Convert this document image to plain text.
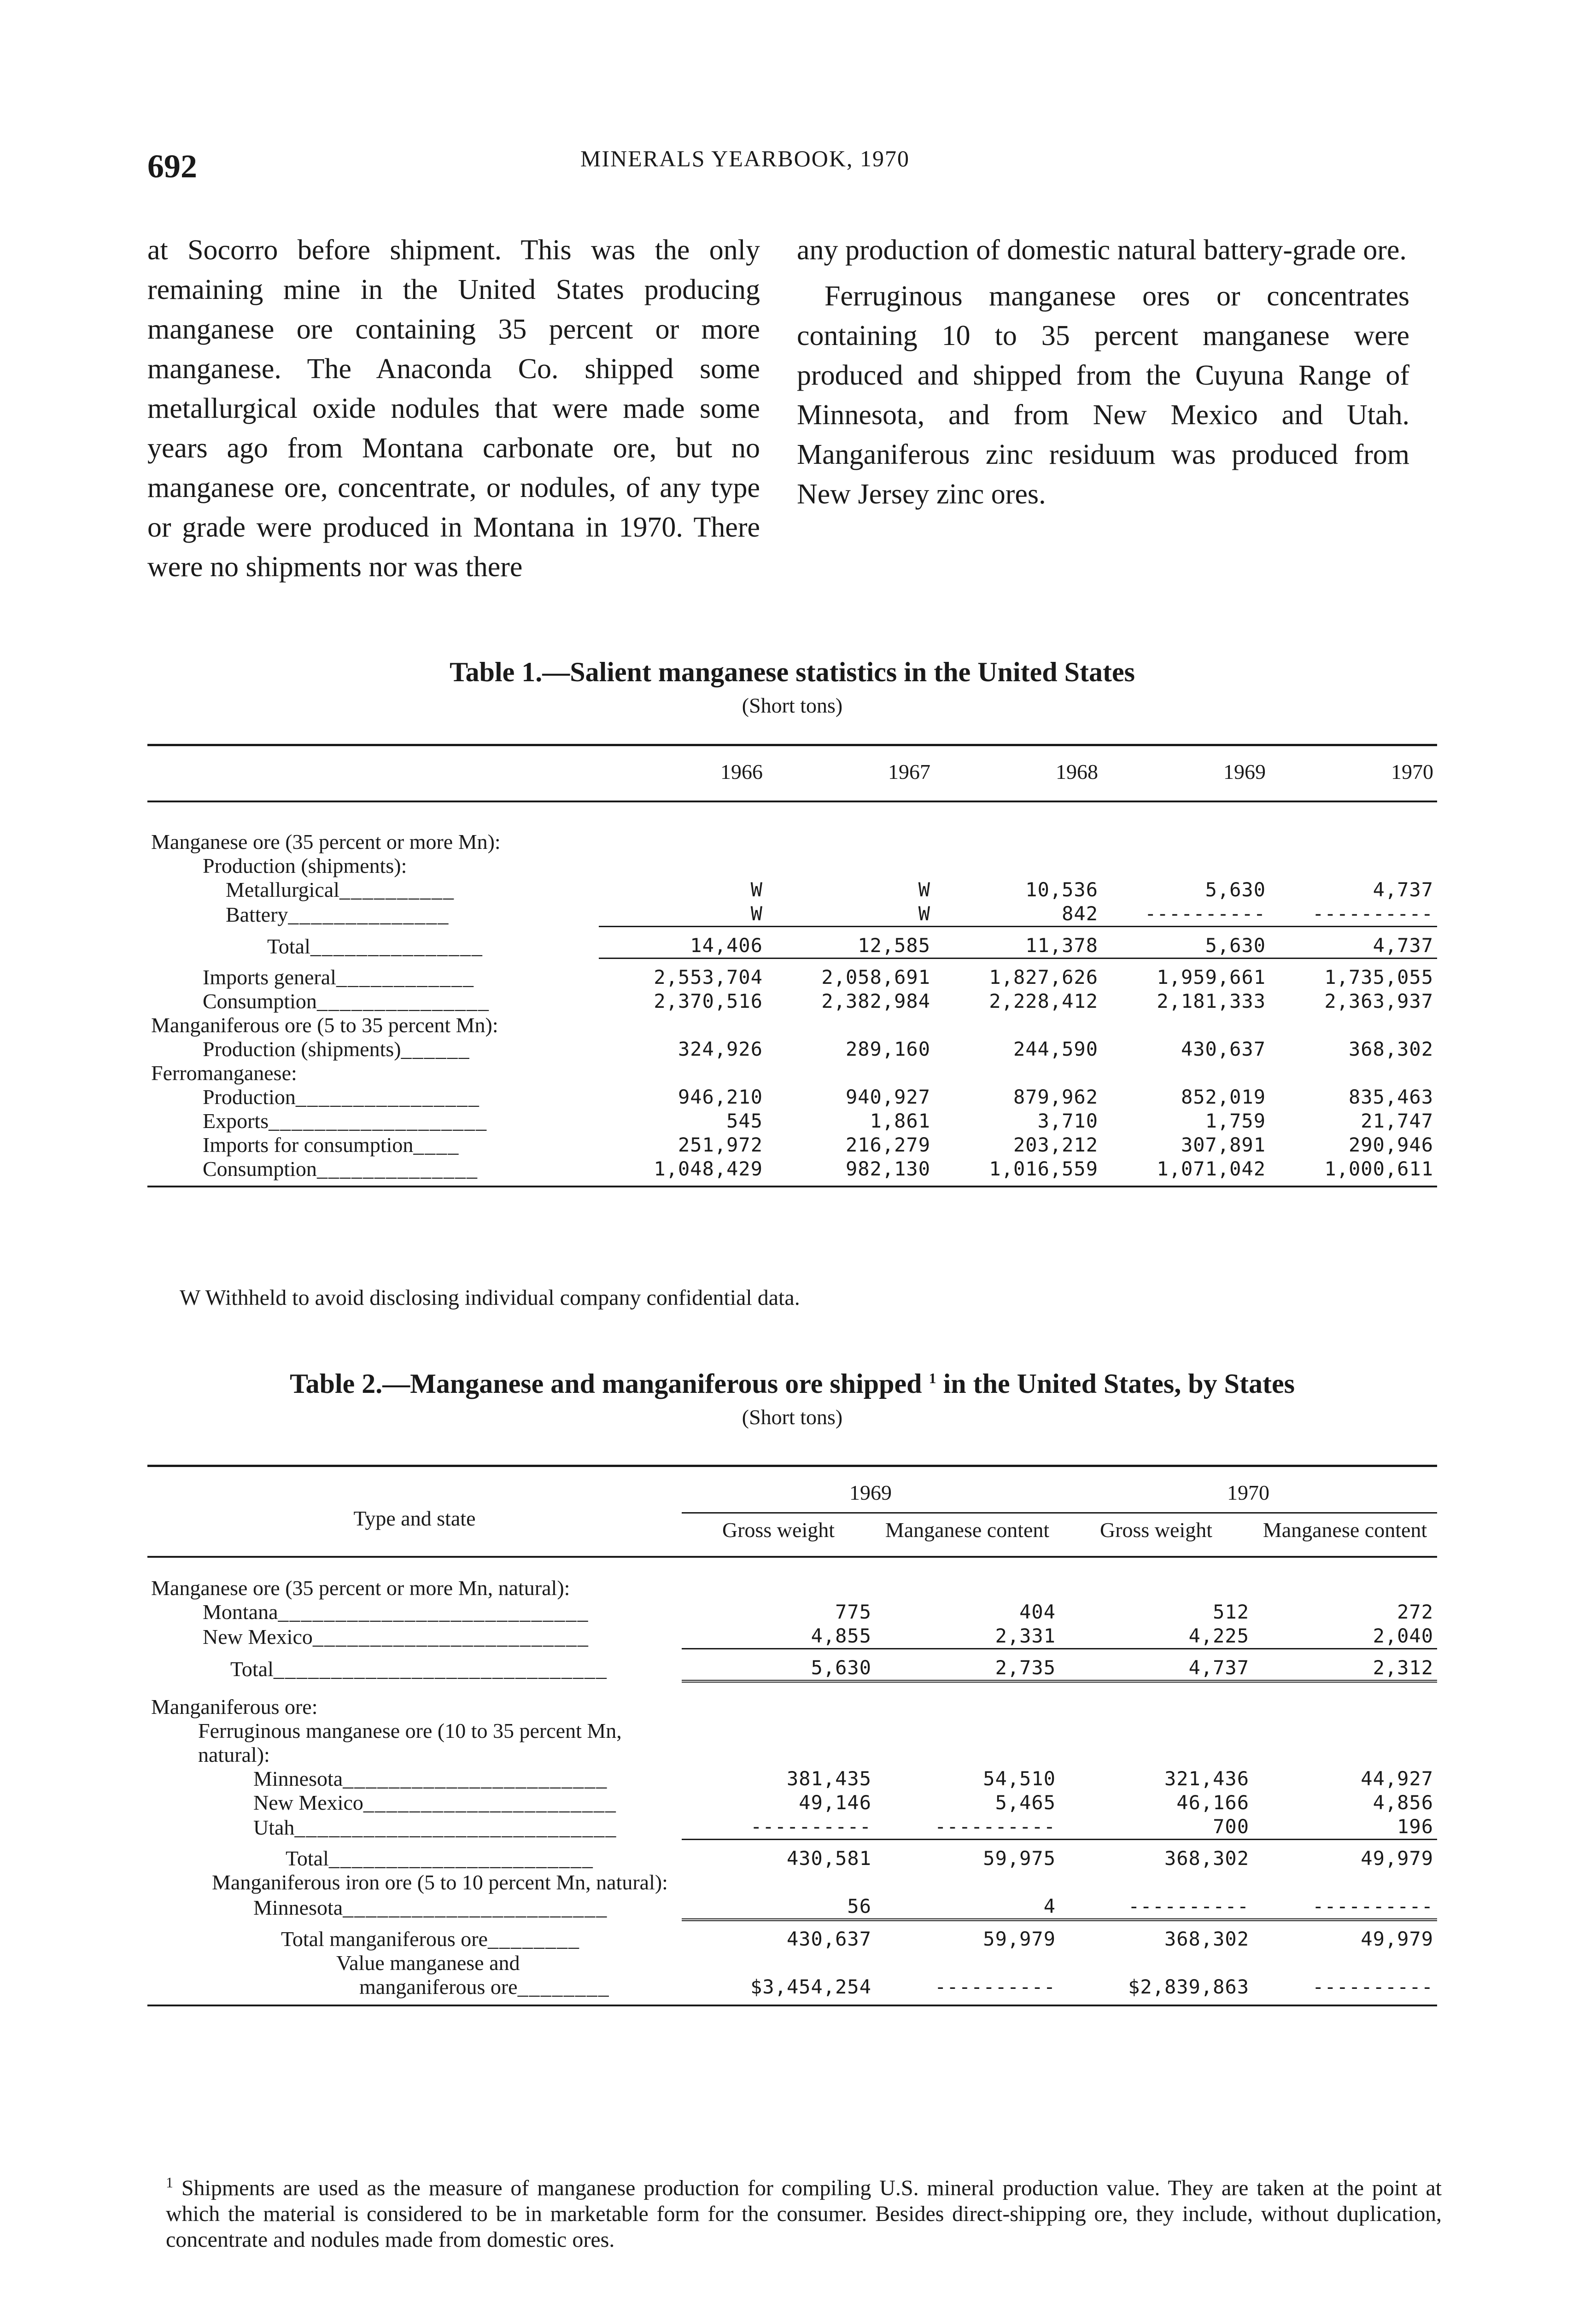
692	MINERALS YEARBOOK, 1970

at Socorro before shipment. This was the only remaining mine in the United States producing manganese ore containing 35 percent or more manganese. The Anaconda Co. shipped some metallurgical oxide nodules that were made some years ago from Montana carbonate ore, but no manganese ore, concentrate, or nodules, of any type or grade were produced in Montana in 1970. There were no shipments nor was there

any production of domestic natural battery-grade ore.

Ferruginous manganese ores or concentrates containing 10 to 35 percent manganese were produced and shipped from the Cuyuna Range of Minnesota, and from New Mexico and Utah. Manganiferous zinc residuum was produced from New Jersey zinc ores.

Table 1.—Salient manganese statistics in the United States
(Short tons)
	1966	1967	1968	1969	1970
Manganese ore (35 percent or more Mn):					
Production (shipments):					
Metallurgical__________	W	W	10,536	5,630	4,737
Battery______________	W	W	842	----------	----------
Total_______________	14,406	12,585	11,378	5,630	4,737
Imports general____________	2,553,704	2,058,691	1,827,626	1,959,661	1,735,055
Consumption_______________	2,370,516	2,382,984	2,228,412	2,181,333	2,363,937
Manganiferous ore (5 to 35 percent Mn):					
Production (shipments)______	324,926	289,160	244,590	430,637	368,302
Ferromanganese:					
Production________________	946,210	940,927	879,962	852,019	835,463
Exports___________________	545	1,861	3,710	1,759	21,747
Imports for consumption____	251,972	216,279	203,212	307,891	290,946
Consumption______________	1,048,429	982,130	1,016,559	1,071,042	1,000,611
W Withheld to avoid disclosing individual company confidential data.
Table 2.—Manganese and manganiferous ore shipped $^1$ in the United States, by States
(Short tons)
Type and state	1969		1970	
	Gross weight	Manganese content	Gross weight	Manganese content
Manganese ore (35 percent or more Mn, natural):				
Montana___________________________	775	404	512	272
New Mexico________________________	4,855	2,331	4,225	2,040
Total_____________________________	5,630	2,735	4,737	2,312
Manganiferous ore:				
Ferruginous manganese ore (10 to 35 percent Mn, natural):				
Minnesota_______________________	381,435	54,510	321,436	44,927
New Mexico______________________	49,146	5,465	46,166	4,856
Utah____________________________	----------	----------	700	196
Total_______________________	430,581	59,975	368,302	49,979
Manganiferous iron ore (5 to 10 percent Mn, natural):				
Minnesota_______________________	56	4	----------	----------
Total manganiferous ore________	430,637	59,979	368,302	49,979
Value manganese and				
manganiferous ore________	$3,454,254	----------	$2,839,863	----------
$^1$ Shipments are used as the measure of manganese production for compiling U.S. mineral production value. They are taken at the point at which the material is considered to be in marketable form for the consumer. Besides direct-shipping ore, they include, without duplication, concentrate and nodules made from domestic ores.
